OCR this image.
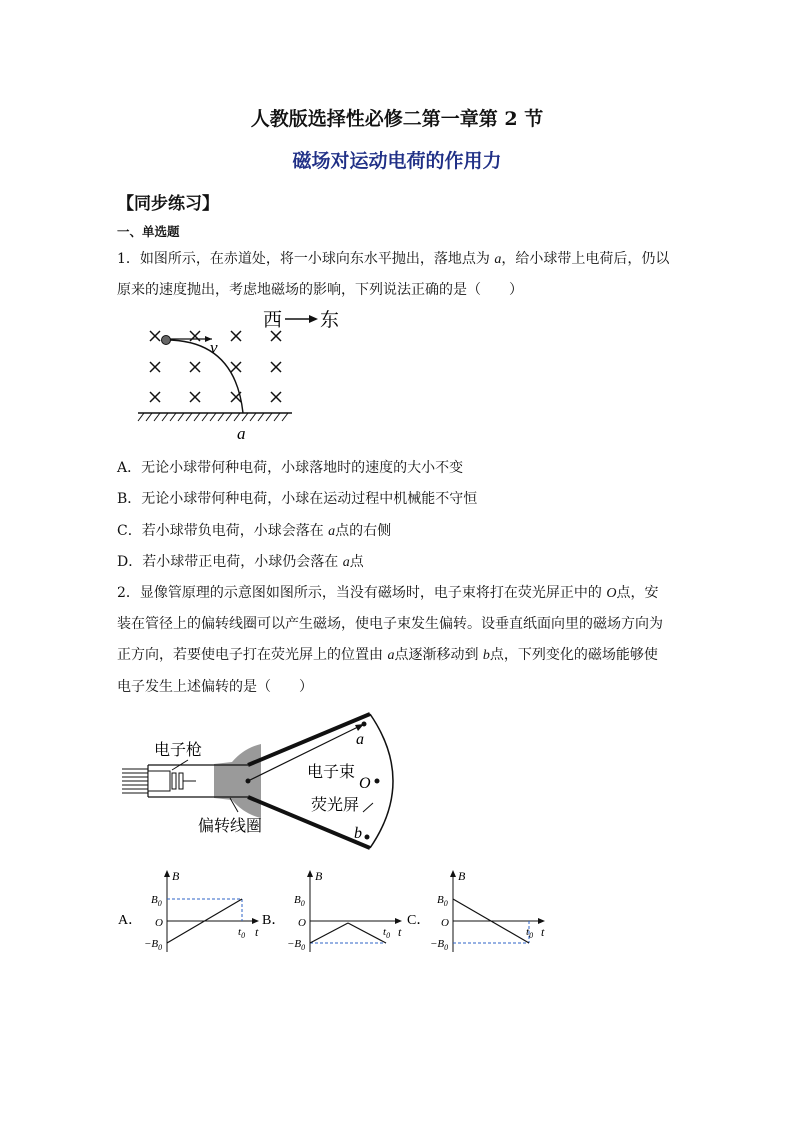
人教版选择性必修二第一章第 2 节
磁场对运动电荷的作用力
【同步练习】
一、单选题
1．如图所示，在赤道处，将一小球向东水平抛出，落地点为 a，给小球带上电荷后，仍以
原来的速度抛出，考虑地磁场的影响，下列说法正确的是（　　）
v
a
西 东
A．无论小球带何种电荷，小球落地时的速度的大小不变
B．无论小球带何种电荷，小球在运动过程中机械能不守恒
C．若小球带负电荷，小球会落在 a点的右侧
D．若小球带正电荷，小球仍会落在 a点
2．显像管原理的示意图如图所示，当没有磁场时，电子束将打在荧光屏正中的 O点，安
装在管径上的偏转线圈可以产生磁场，使电子束发生偏转。设垂直纸面向里的磁场方向为
正方向，若要使电子打在荧光屏上的位置由 a点逐渐移动到 b点，下列变化的磁场能够使
电子发生上述偏转的是（　　）
电子枪
电子束
荧光屏
偏转线圈
a
O
b
A．
B
$B_0$
O
$-B_0$
$t_0$ t
B．
B
$B_0$
O
$-B_0$
$t_0$ t
C．
B
$B_0$
O
$-B_0$
$t_0$ t
